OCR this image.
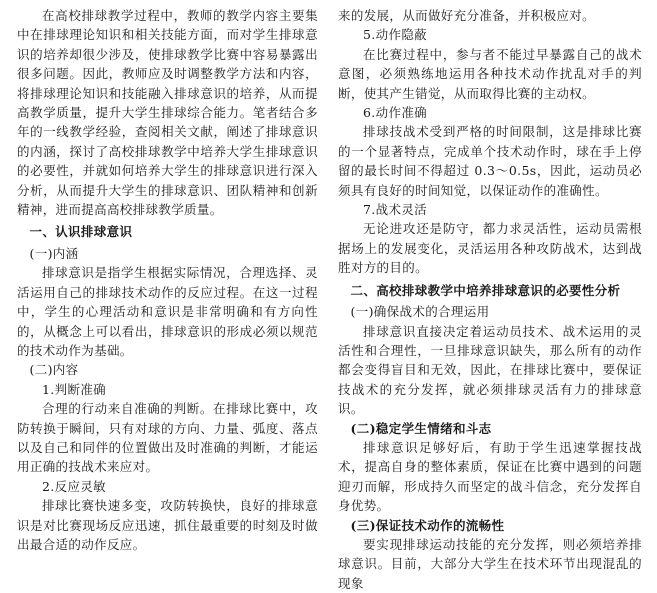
在高校排球教学过程中，教师的教学内容主要集中在排球理论知识和相关技能方面，而对学生排球意识的培养却很少涉及，使排球教学比赛中容易暴露出很多问题。因此，教师应及时调整教学方法和内容，将排球理论知识和技能融入排球意识的培养，从而提高教学质量，提升大学生排球综合能力。笔者结合多年的一线教学经验，查阅相关文献，阐述了排球意识的内涵，探讨了高校排球教学中培养大学生排球意识的必要性，并就如何培养大学生的排球意识进行深入分析，从而提升大学生的排球意识、团队精神和创新精神，进而提高高校排球教学质量。

一、认识排球意识

(一)内涵

排球意识是指学生根据实际情况，合理选择、灵活运用自己的排球技术动作的反应过程。在这一过程中，学生的心理活动和意识是非常明确和有方向性的，从概念上可以看出，排球意识的形成必须以规范的技术动作为基础。

(二)内容

1.判断准确

合理的行动来自准确的判断。在排球比赛中，攻防转换于瞬间，只有对球的方向、力量、弧度、落点以及自己和同伴的位置做出及时准确的判断，才能运用正确的技战术来应对。

2.反应灵敏

排球比赛快速多变，攻防转换快，良好的排球意识是对比赛现场反应迅速，抓住最重要的时刻及时做出最合适的动作反应。

来的发展，从而做好充分准备，并积极应对。

5.动作隐蔽

在比赛过程中，参与者不能过早暴露自己的战术意图，必须熟练地运用各种技术动作扰乱对手的判断，使其产生错觉，从而取得比赛的主动权。

6.动作准确

排球技战术受到严格的时间限制，这是排球比赛的一个显著特点，完成单个技术动作时，球在手上停留的最长时间不得超过 0.3～0.5s，因此，运动员必须具有良好的时间知觉，以保证动作的准确性。

7.战术灵活

无论进攻还是防守，都力求灵活性，运动员需根据场上的发展变化，灵活运用各种攻防战术，达到战胜对方的目的。

二、高校排球教学中培养排球意识的必要性分析

(一)确保战术的合理运用

排球意识直接决定着运动员技术、战术运用的灵活性和合理性，一旦排球意识缺失，那么所有的动作都会变得盲目和无效，因此，在排球比赛中，要保证技战术的充分发挥，就必须排球灵活有力的排球意识。

(二)稳定学生情绪和斗志

排球意识足够好后，有助于学生迅速掌握技战术，提高自身的整体素质，保证在比赛中遇到的问题迎刃而解，形成持久而坚定的战斗信念，充分发挥自身优势。

(三)保证技术动作的流畅性

要实现排球运动技能的充分发挥，则必须培养排球意识。目前，大部分大学生在技术环节出现混乱的现象
